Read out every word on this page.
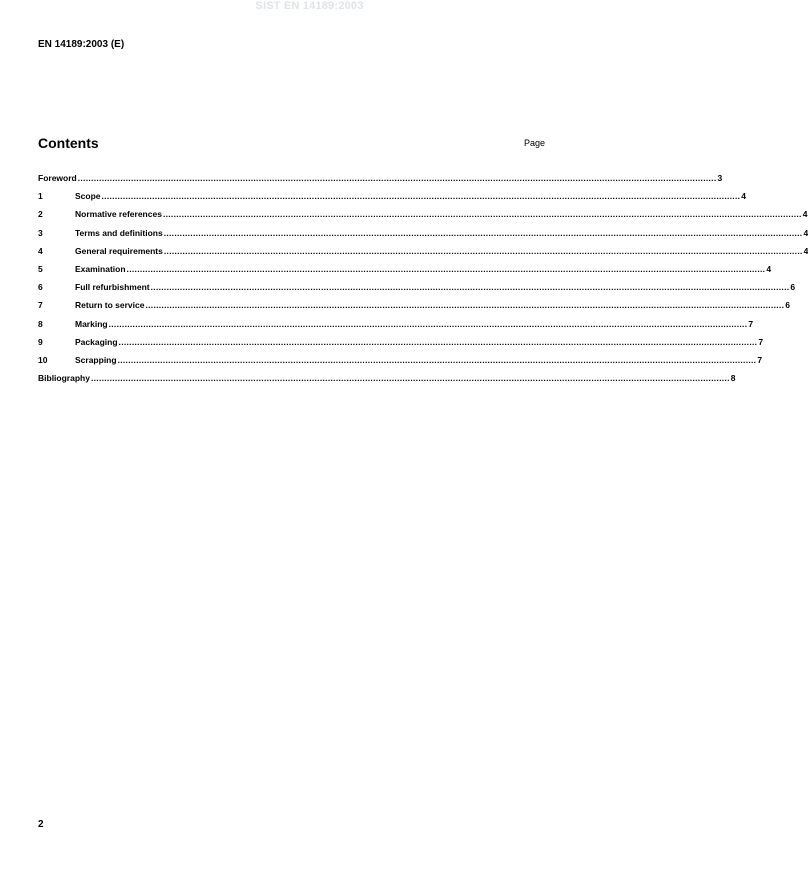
SIST EN 14189:2003
EN 14189:2003 (E)
Contents	Page
Foreword ................................................................................................................................................................................................................................................ 3
1	Scope ................................................................................................................................................................................................................................................ 4
2	Normative references ................................................................................................................................................................................................................................................ 4
3	Terms and definitions ................................................................................................................................................................................................................................................ 4
4	General requirements ................................................................................................................................................................................................................................................ 4
5	Examination ................................................................................................................................................................................................................................................ 4
6	Full refurbishment ................................................................................................................................................................................................................................................ 6
7	Return to service ................................................................................................................................................................................................................................................ 6
8	Marking ................................................................................................................................................................................................................................................ 7
9	Packaging ................................................................................................................................................................................................................................................ 7
10	Scrapping ................................................................................................................................................................................................................................................ 7
Bibliography ................................................................................................................................................................................................................................................ 8
2
